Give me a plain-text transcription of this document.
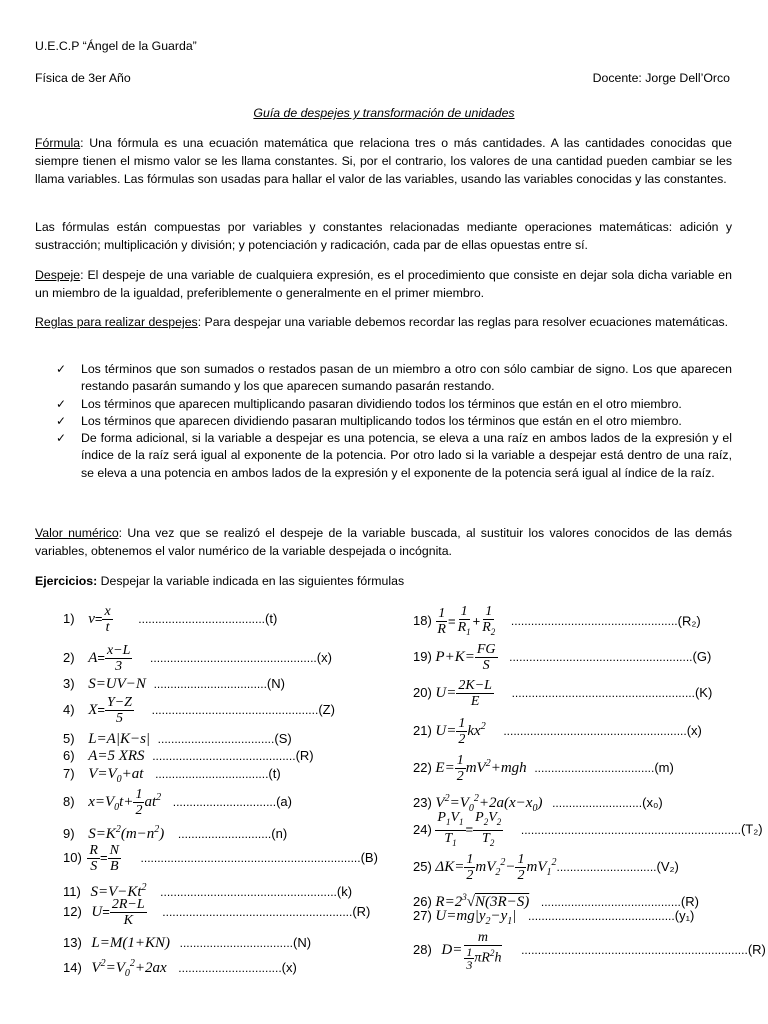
U.E.C.P “Ángel de la Guarda”
Física de 3er Año	Docente: Jorge Dell’Orco
Guía de despejes y transformación de unidades
Fórmula: Una fórmula es una ecuación matemática que relaciona tres o más cantidades. A las cantidades conocidas que siempre tienen el mismo valor se les llama constantes. Si, por el contrario, los valores de una cantidad pueden cambiar se les llama variables. Las fórmulas son usadas para hallar el valor de las variables, usando las variables conocidas y las constantes.
Las fórmulas están compuestas por variables y constantes relacionadas mediante operaciones matemáticas: adición y sustracción; multiplicación y división; y potenciación y radicación, cada par de ellas opuestas entre sí.
Despeje: El despeje de una variable de cualquiera expresión, es el procedimiento que consiste en dejar sola dicha variable en un miembro de la igualdad, preferiblemente o generalmente en el primer miembro.
Reglas para realizar despejes: Para despejar una variable debemos recordar las reglas para resolver ecuaciones matemáticas.
✓ Los términos que son sumados o restados pasan de un miembro a otro con sólo cambiar de signo. Los que aparecen restando pasarán sumando y los que aparecen sumando pasarán restando.
✓ Los términos que aparecen multiplicando pasaran dividiendo todos los términos que están en el otro miembro.
✓ Los términos que aparecen dividiendo pasaran multiplicando todos los términos que están en el otro miembro.
✓ De forma adicional, si la variable a despejar es una potencia, se eleva a una raíz en ambos lados de la expresión y el índice de la raíz será igual al exponente de la potencia. Por otro lado si la variable a despejar está dentro de una raíz, se eleva a una potencia en ambos lados de la expresión y el exponente de la potencia será igual al índice de la raíz.
Valor numérico: Una vez que se realizó el despeje de la variable buscada, al sustituir los valores conocidos de las demás variables, obtenemos el valor numérico de la variable despejada o incógnita.
Ejercicios: Despejar la variable indicada en las siguientes fórmulas
1) $v= \frac{x}{t} ......................................(t)$
2) $A= \frac{x-L}{3} ..................................................(x)$
3) S=UV−N ..................................(N)
4) $X= \frac{Y-Z}{5} ..................................................(Z)$
5) L=A|K−s| ...................................(S)
6) A=5 XRS ...........................................(R)
7) $V=V_0+at$ ..................................(t)
8) $x=V_0t+ \frac{1}{2} at^2$ ...............................(a)
9) $S=K^2(m-n^2)$ ............................(n)
$10) \frac{R}{S} = \frac{N}{B} ..................................................................(B)$
11) $S=V-Kt^2$ .....................................................(k)
12) $U= \frac{2R-L}{K} .........................................................(R)$
13) L=M(1+KN) ..................................(N)
14) $V^2=V_0^2+2ax$ ...............................(x)
$18) \frac{1}{R} = \frac{1}{R_1} + \frac{1}{R_2} ..................................................(R_2)$
19) $P+K= \frac{FG}{S} .......................................................(G)$
20) $U= \frac{2K-L}{E} .......................................................(K)$
21) $U= \frac{1}{2} kx^2$ .......................................................(x)
22) $E= \frac{1}{2} mV^2+mgh$ ....................................(m)
23) $V^2=V_0^2+2a(x-x_0)$ ...........................(x₀)
$24) \frac{P_1V_1}{T_1} = \frac{P_2V_2}{T_2} ..................................................................(T_2)$
25) $\Delta K= \frac{1}{2} mV_2^2- \frac{1}{2} mV_1^2..............................(V_2)$
26) $R=2^3√N(3R-S)$ ..........................................(R)
27) $U=mg|y_2-y_1|$ ............................................(y₁)
28) $D= \frac{m}{\frac{1}{3} \pi R^2h} ....................................................................(R)$
